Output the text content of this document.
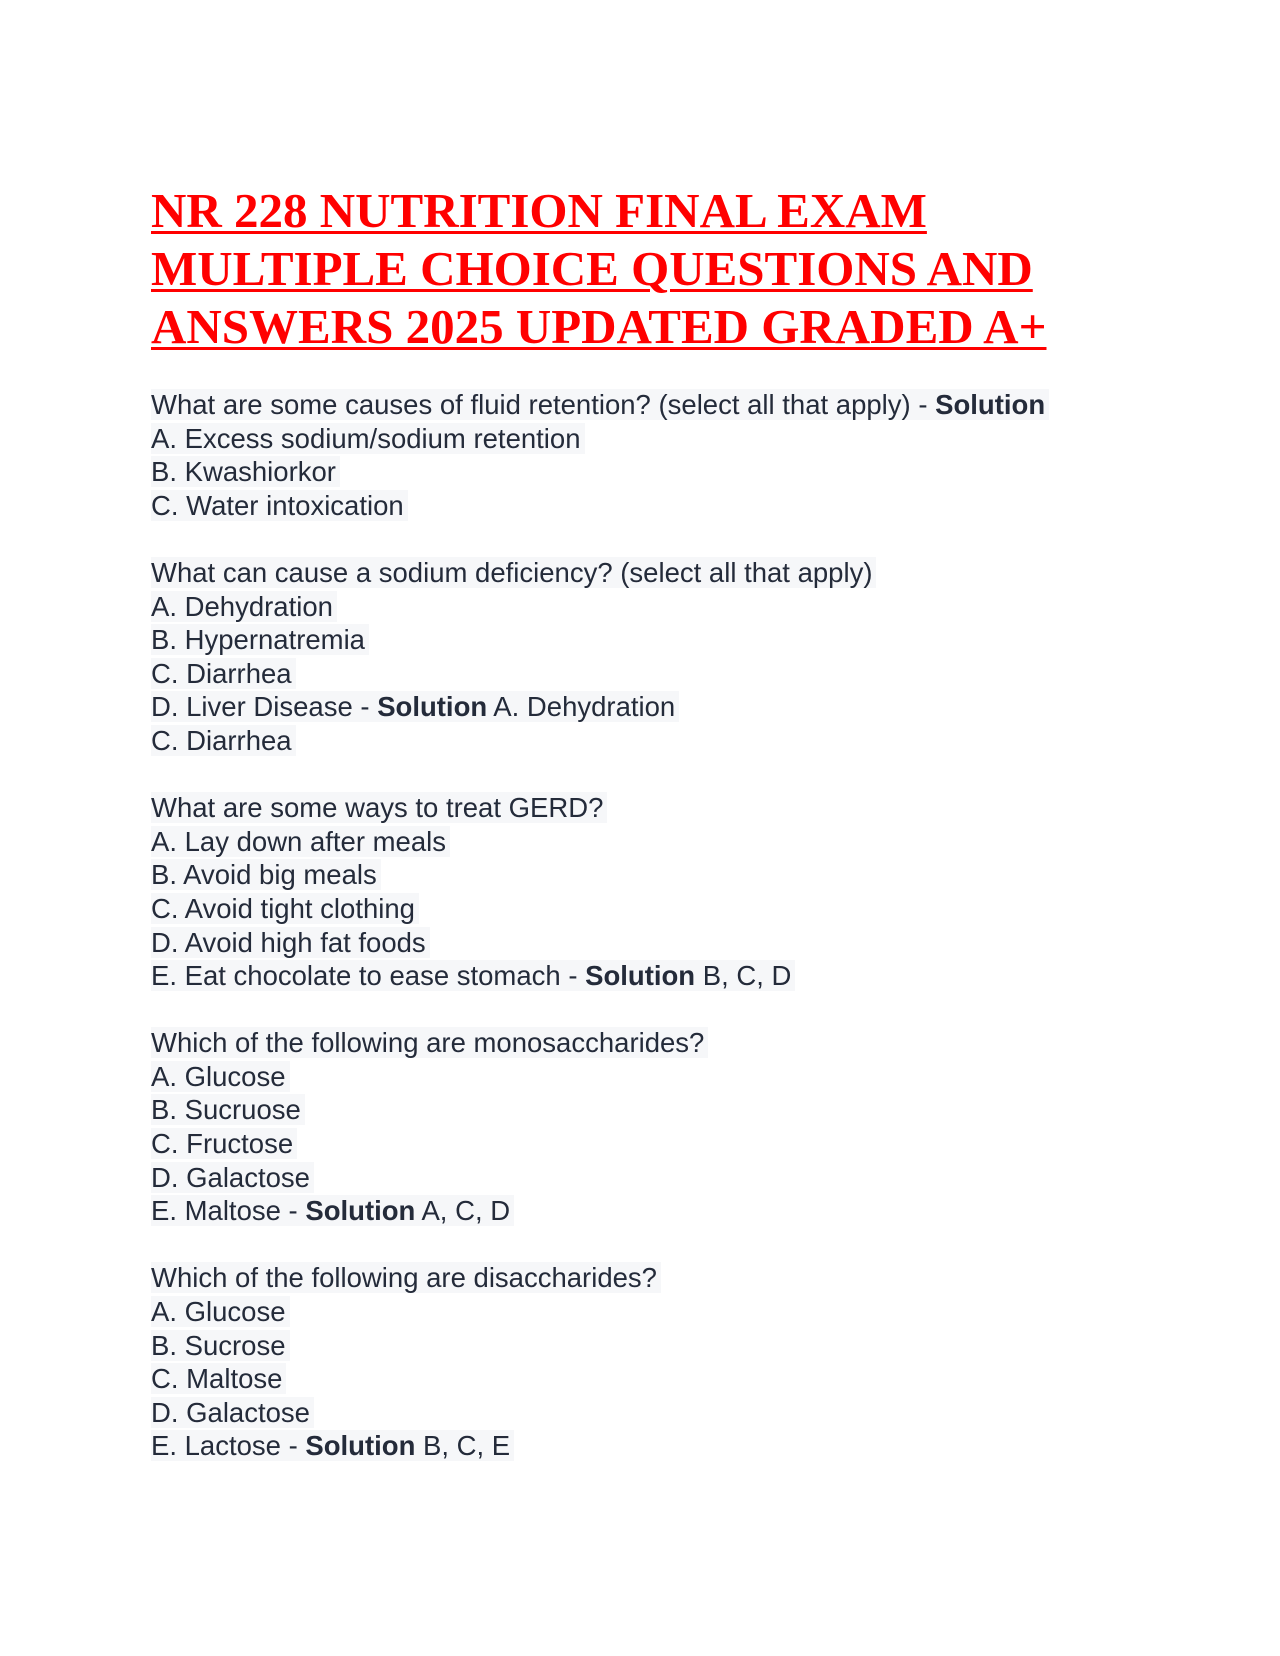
NR 228 NUTRITION FINAL EXAM
MULTIPLE CHOICE QUESTIONS AND
ANSWERS 2025 UPDATED GRADED A+
What are some causes of fluid retention? (select all that apply) - Solution
A. Excess sodium/sodium retention
B. Kwashiorkor
C. Water intoxication
What can cause a sodium deficiency? (select all that apply)
A. Dehydration
B. Hypernatremia
C. Diarrhea
D. Liver Disease - Solution A. Dehydration
C. Diarrhea
What are some ways to treat GERD?
A. Lay down after meals
B. Avoid big meals
C. Avoid tight clothing
D. Avoid high fat foods
E. Eat chocolate to ease stomach - Solution B, C, D
Which of the following are monosaccharides?
A. Glucose
B. Sucruose
C. Fructose
D. Galactose
E. Maltose - Solution A, C, D
Which of the following are disaccharides?
A. Glucose
B. Sucrose
C. Maltose
D. Galactose
E. Lactose - Solution B, C, E
